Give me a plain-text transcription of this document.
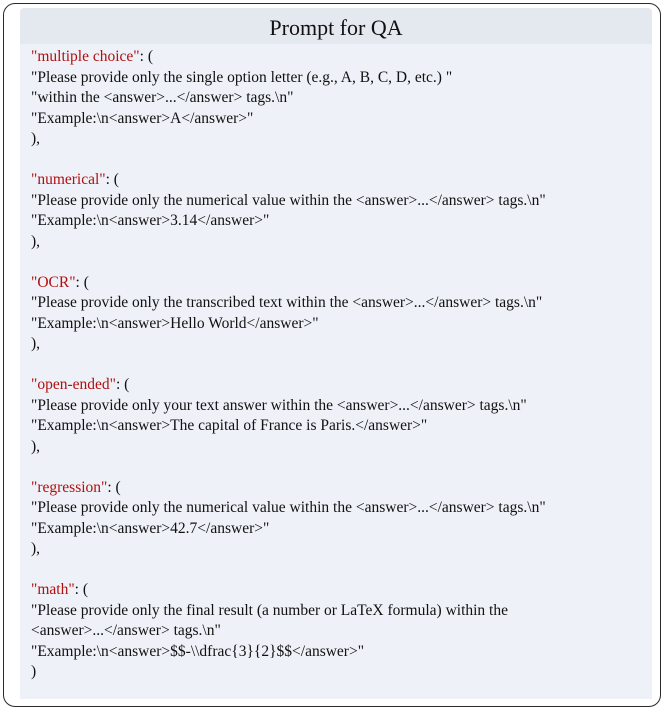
Prompt for QA
"multiple choice": (
"Please provide only the single option letter (e.g., A, B, C, D, etc.) "
"within the <answer>...</answer> tags.\n"
"Example:\n<answer>A</answer>"
),
"numerical": (
"Please provide only the numerical value within the <answer>...</answer> tags.\n"
"Example:\n<answer>3.14</answer>"
),
"OCR": (
"Please provide only the transcribed text within the <answer>...</answer> tags.\n"
"Example:\n<answer>Hello World</answer>"
),
"open-ended": (
"Please provide only your text answer within the <answer>...</answer> tags.\n"
"Example:\n<answer>The capital of France is Paris.</answer>"
),
"regression": (
"Please provide only the numerical value within the <answer>...</answer> tags.\n"
"Example:\n<answer>42.7</answer>"
),
"math": (
"Please provide only the final result (a number or LaTeX formula) within the
<answer>...</answer> tags.\n"
"Example:\n<answer>$$-\\dfrac{3}{2}$$</answer>"
)
